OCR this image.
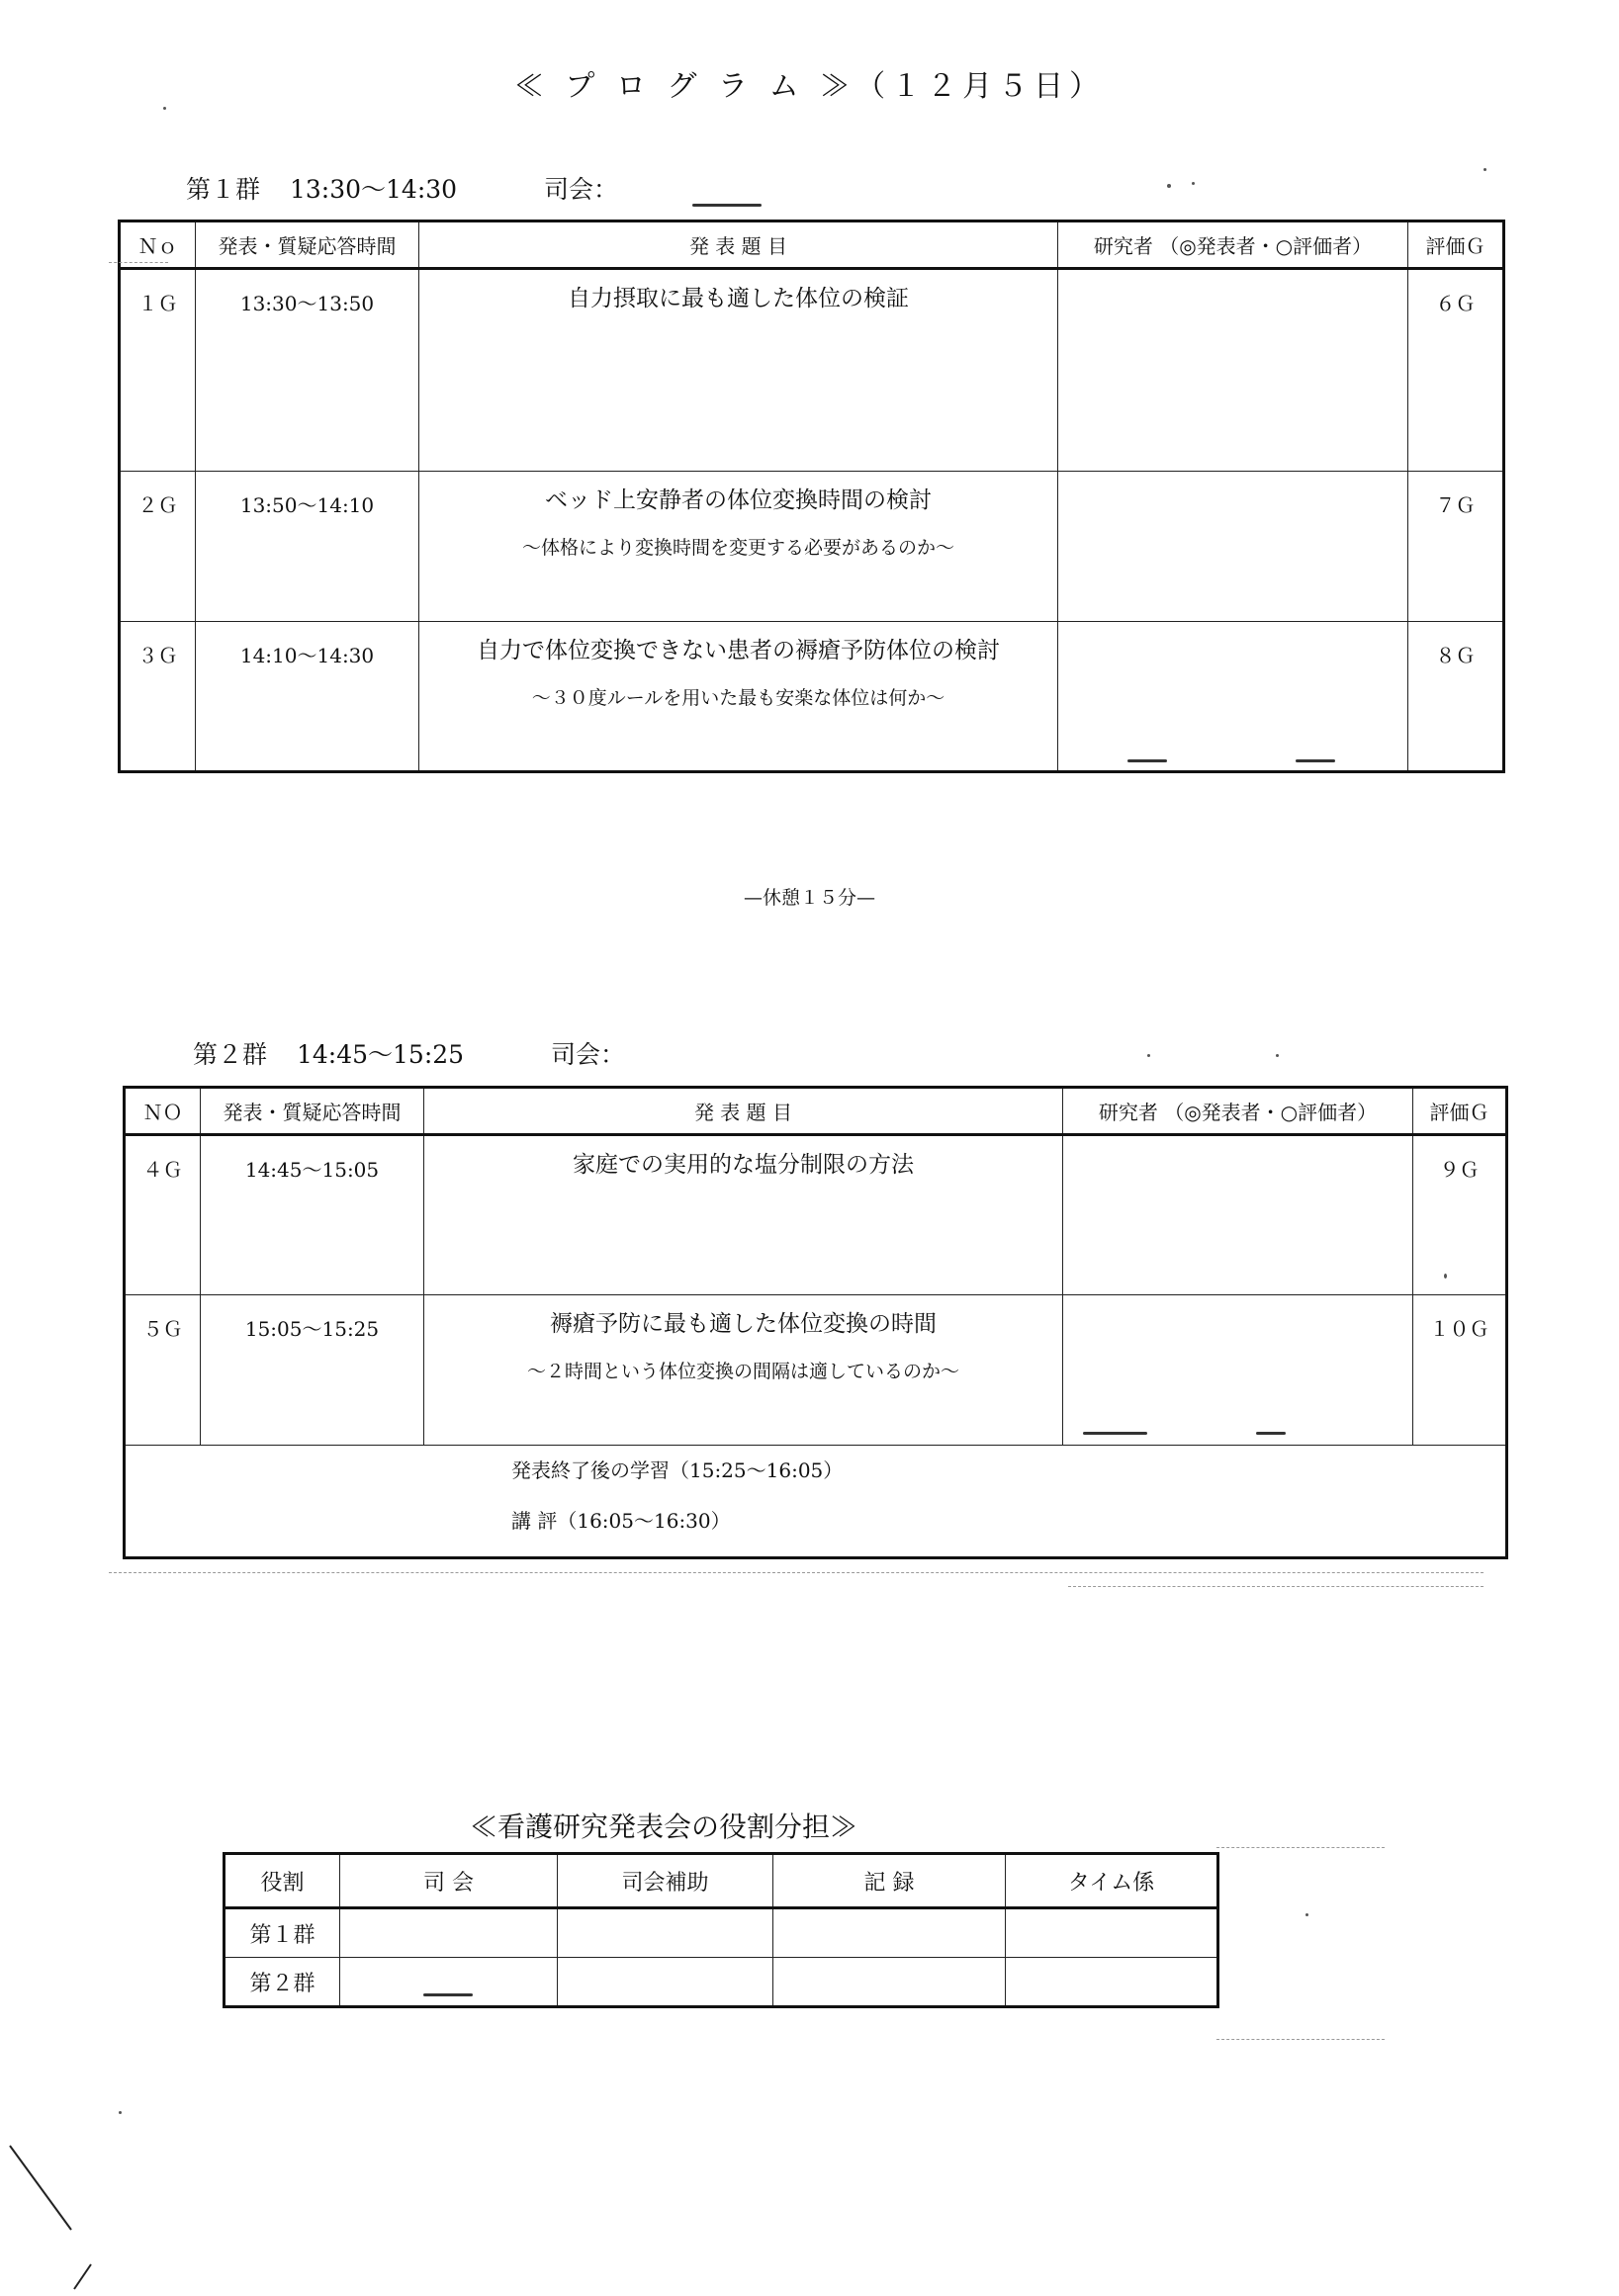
≪ プ ロ グ ラ ム ≫（１２月５日）
第１群 13:30〜14:30	司会：
Ｎｏ	発表・質疑応答時間	発 表 題 目	研究者 （◎発表者・○評価者）	評価Ｇ
１Ｇ	13:30〜13:50	自力摂取に最も適した体位の検証		６Ｇ
２Ｇ	13:50〜14:10	ベッド上安静者の体位変換時間の検討
〜体格により変換時間を変更する必要があるのか〜		７Ｇ
３Ｇ	14:10〜14:30	自力で体位変換できない患者の褥瘡予防体位の検討
〜３０度ルールを用いた最も安楽な体位は何か〜		８Ｇ
—休憩１５分—
第２群 14:45〜15:25	司会：
ＮＯ	発表・質疑応答時間	発 表 題 目	研究者 （◎発表者・○評価者）	評価Ｇ
４Ｇ	14:45〜15:05	家庭での実用的な塩分制限の方法		９Ｇ
５Ｇ	15:05〜15:25	褥瘡予防に最も適した体位変換の時間
〜２時間という体位変換の間隔は適しているのか〜		１０Ｇ

発表終了後の学習（15:25〜16:05）
講 評（16:05〜16:30）				
≪看護研究発表会の役割分担≫
役割	司 会	司会補助	記 録	タイム係
第１群				
第２群				
